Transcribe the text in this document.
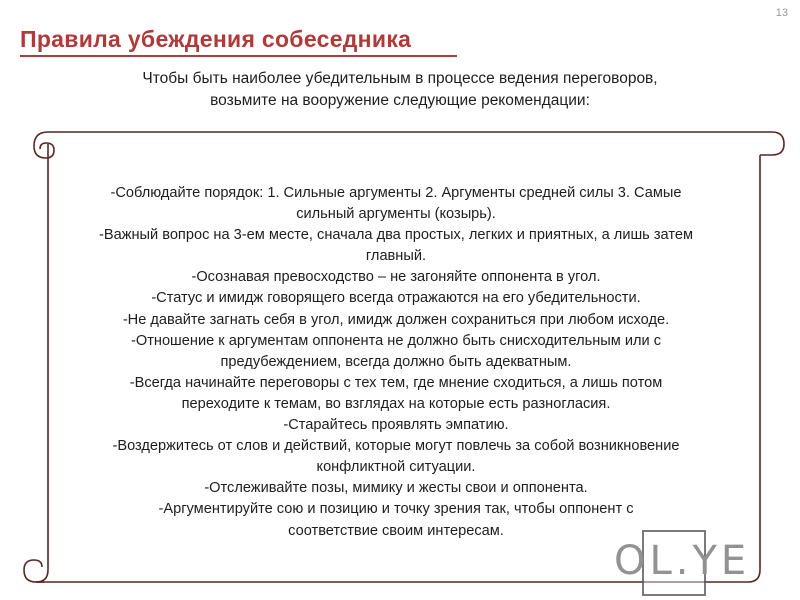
13
Правила убеждения собеседника
Чтобы быть наиболее убедительным в процессе ведения переговоров,
возьмите на вооружение следующие рекомендации:
-Соблюдайте порядок: 1. Сильные аргументы 2. Аргументы средней силы 3. Самые
сильный аргументы (козырь).
-Важный вопрос на 3-ем месте, сначала два простых, легких и приятных, а лишь затем
главный.
-Осознавая превосходство – не загоняйте оппонента в угол.
-Статус и имидж говорящего всегда отражаются на его убедительности.
-Не давайте загнать себя в угол, имидж должен сохраниться при любом исходе.
-Отношение к аргументам оппонента не должно быть снисходительным или с
предубеждением, всегда должно быть адекватным.
-Всегда начинайте переговоры с тех тем, где мнение сходиться, а лишь потом
переходите к темам, во взглядах на которые есть разногласия.
-Старайтесь проявлять эмпатию.
-Воздержитесь от слов и действий, которые могут повлечь за собой возникновение
конфликтной ситуации.
-Отслеживайте позы, мимику и жесты свои и оппонента.
-Аргументируйте сою и позицию и точку зрения так, чтобы оппонент с
соответствие своим интересам.
ОL.YE
